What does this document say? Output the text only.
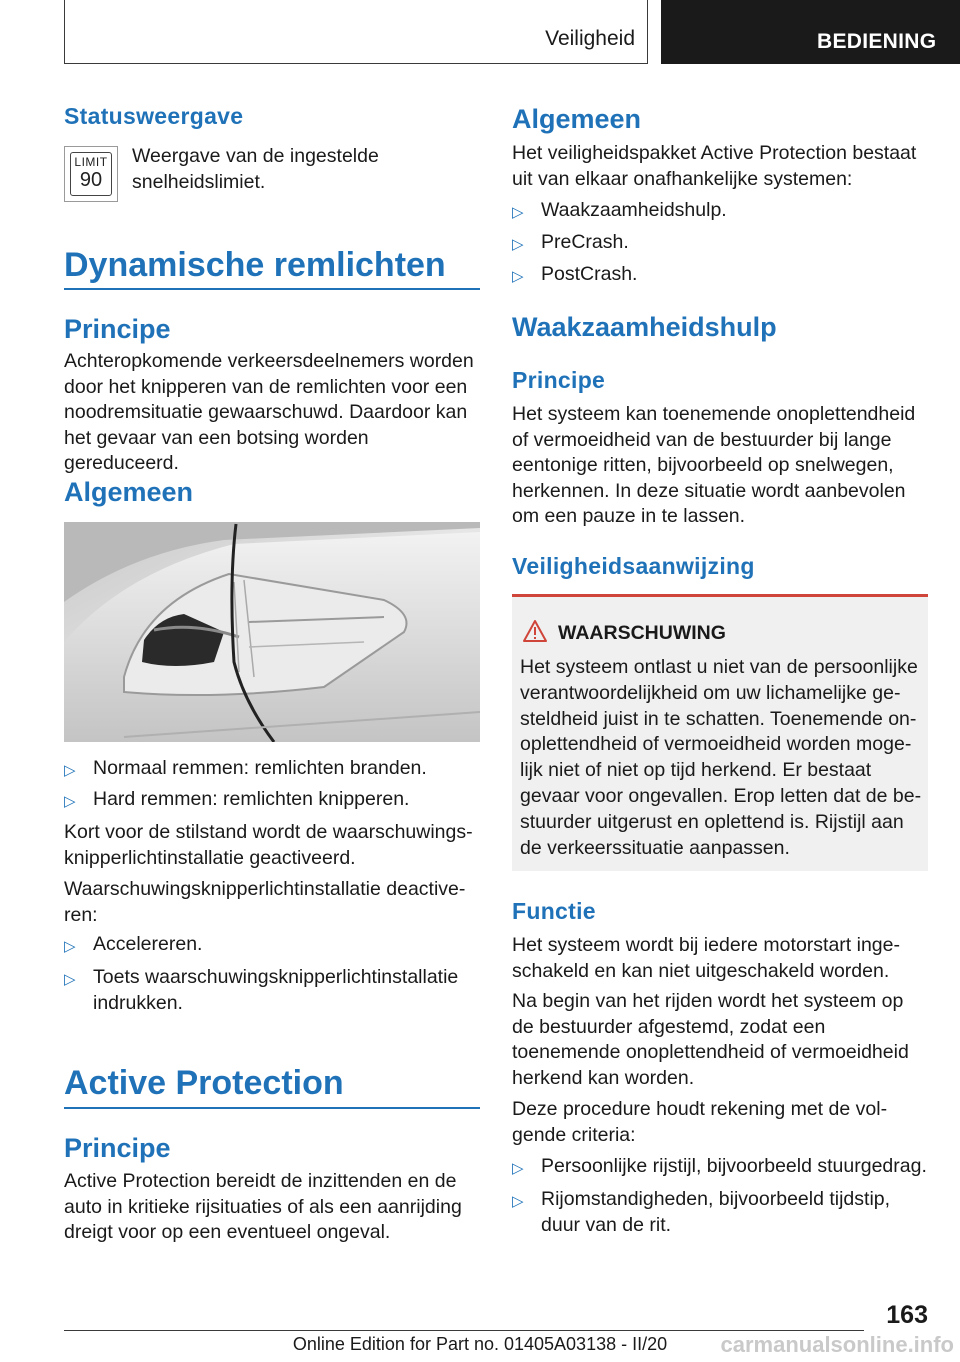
Veiligheid	BEDIENING
Statusweergave
LIMIT
90
Weergave van de ingestelde snelheidslimiet.
Dynamische remlichten
Principe
Achteropkomende verkeersdeelnemers worden door het knipperen van de remlichten voor een noodremsituatie gewaarschuwd. Daardoor kan het gevaar van een botsing worden gereduceerd.
Algemeen
▷ Normaal remmen: remlichten branden.
▷ Hard remmen: remlichten knipperen.
Kort voor de stilstand wordt de waarschuwingsknipperlichtinstallatie geactiveerd.
Waarschuwingsknipperlichtinstallatie deactiveren:
▷ Accelereren.
▷ Toets waarschuwingsknipperlichtinstallatie indrukken.
Active Protection
Principe
Active Protection bereidt de inzittenden en de auto in kritieke rijsituaties of als een aanrijding dreigt voor op een eventueel ongeval.
Algemeen
Het veiligheidspakket Active Protection bestaat uit van elkaar onafhankelijke systemen:
▷ Waakzaamheidshulp.
▷ PreCrash.
▷ PostCrash.
Waakzaamheidshulp
Principe
Het systeem kan toenemende onoplettendheid of vermoeidheid van de bestuurder bij lange eentonige ritten, bijvoorbeeld op snelwegen, herkennen. In deze situatie wordt aanbevolen om een pauze in te lassen.
Veiligheidsaanwijzing
WAARSCHUWING
Het systeem ontlast u niet van de persoonlijke verantwoordelijkheid om uw lichamelijke gesteldheid juist in te schatten. Toenemende onoplettendheid of vermoeidheid worden mogelijk niet of niet op tijd herkend. Er bestaat gevaar voor ongevallen. Erop letten dat de bestuurder uitgerust en oplettend is. Rijstijl aan de verkeerssituatie aanpassen.
Functie
Het systeem wordt bij iedere motorstart ingeschakeld en kan niet uitgeschakeld worden.
Na begin van het rijden wordt het systeem op de bestuurder afgestemd, zodat een toenemende onoplettendheid of vermoeidheid herkend kan worden.
Deze procedure houdt rekening met de volgende criteria:
▷ Persoonlijke rijstijl, bijvoorbeeld stuurgedrag.
▷ Rijomstandigheden, bijvoorbeeld tijdstip, duur van de rit.
163
Online Edition for Part no. 01405A03138 - II/20	carmanualsonline.info
